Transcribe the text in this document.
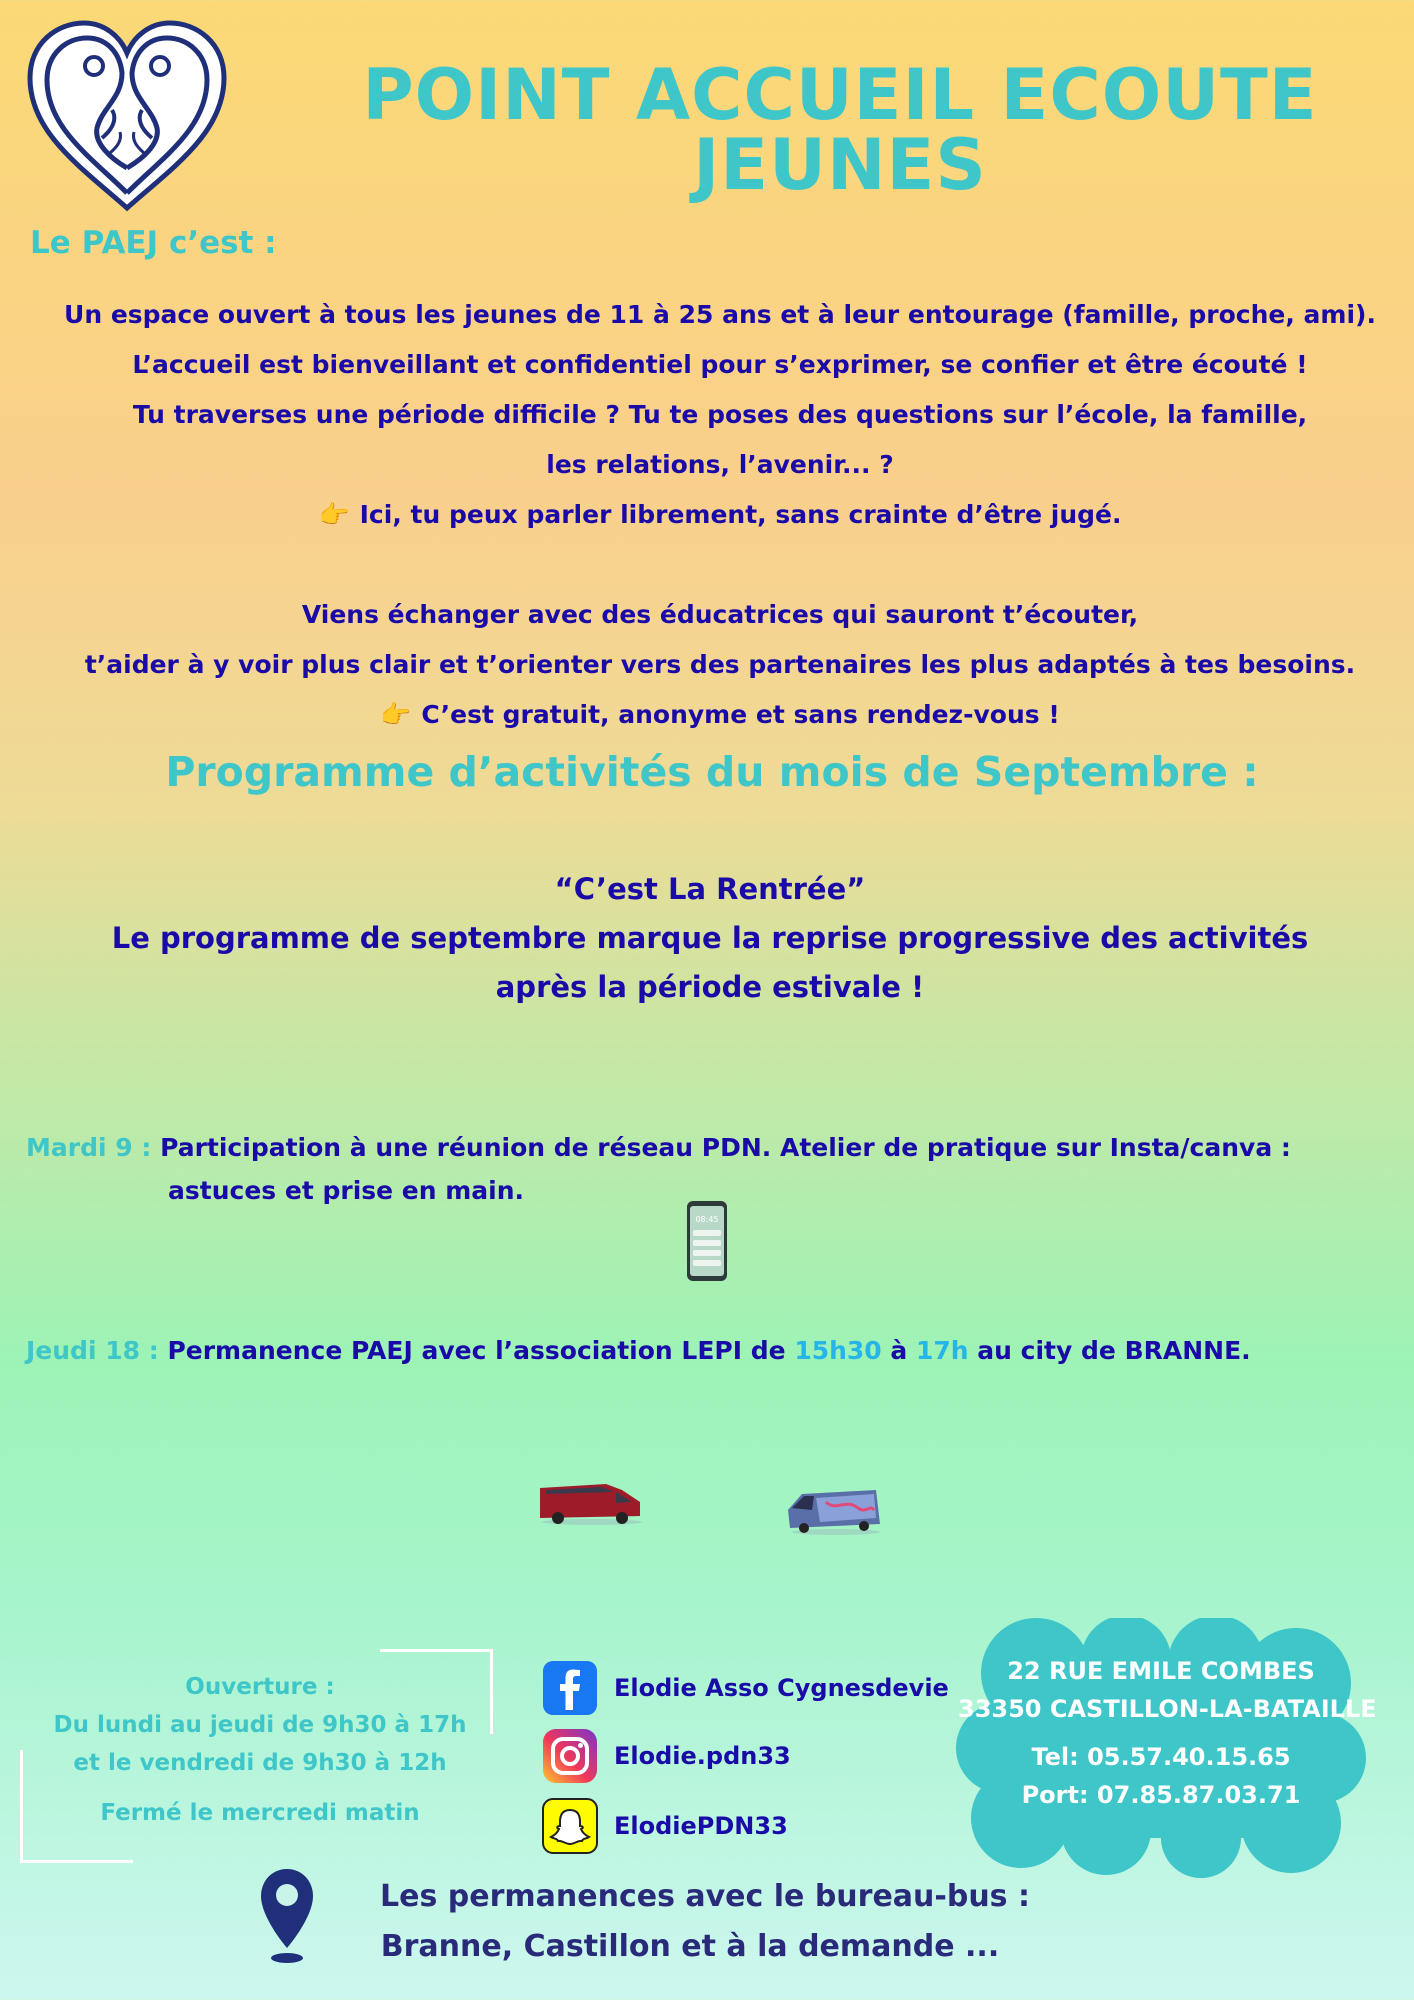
POINT ACCUEIL ECOUTE
JEUNES
Le PAEJ c’est :

Un espace ouvert à tous les jeunes de 11 à 25 ans et à leur entourage (famille, proche, ami).

L’accueil est bienveillant et confidentiel pour s’exprimer, se confier et être écouté !

Tu traverses une période difficile ? Tu te poses des questions sur l’école, la famille,

les relations, l’avenir... ?

👉 Ici, tu peux parler librement, sans crainte d’être jugé.

Viens échanger avec des éducatrices qui sauront t’écouter,

t’aider à y voir plus clair et t’orienter vers des partenaires les plus adaptés à tes besoins.

👉 C’est gratuit, anonyme et sans rendez-vous !

Programme d’activités du mois de Septembre :

“C’est La Rentrée”

Le programme de septembre marque la reprise progressive des activités

après la période estivale !

Mardi 9 : Participation à une réunion de réseau PDN. Atelier de pratique sur Insta/canva :
astuces et prise en main.
08:45
Jeudi 18 : Permanence PAEJ avec l’association LEPI de 15h30 à 17h au city de BRANNE.

Ouverture :

Du lundi au jeudi de 9h30 à 17h

et le vendredi de 9h30 à 12h

Fermé le mercredi matin

Elodie Asso Cygnesdevie
Elodie.pdn33
ElodiePDN33

22 RUE EMILE COMBES

33350 CASTILLON-LA-BATAILLE

Tel: 05.57.40.15.65

Port: 07.85.87.03.71

Les permanences avec le bureau-bus :

Branne, Castillon et à la demande ...
